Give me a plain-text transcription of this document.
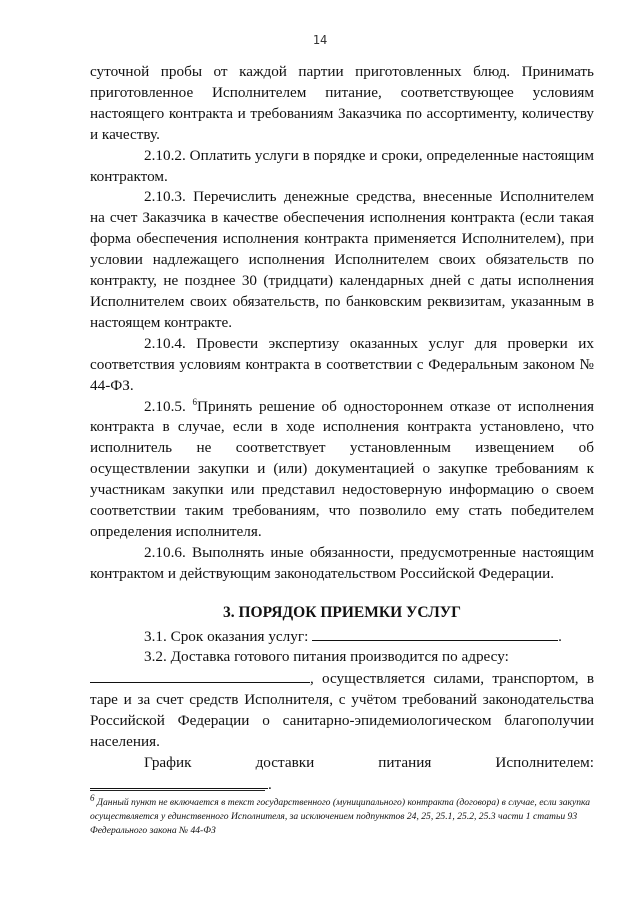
14

суточной пробы от каждой партии приготовленных блюд. Принимать приготовленное Исполнителем питание, соответствующее условиям настоящего контракта и требованиям Заказчика по ассортименту, количеству и качеству.

2.10.2. Оплатить услуги в порядке и сроки, определенные настоящим контрактом.

2.10.3. Перечислить денежные средства, внесенные Исполнителем на счет Заказчика в качестве обеспечения исполнения контракта (если такая форма обеспечения исполнения контракта применяется Исполнителем), при условии надлежащего исполнения Исполнителем своих обязательств по контракту, не позднее 30 (тридцати) календарных дней с даты исполнения Исполнителем своих обязательств, по банковским реквизитам, указанным в настоящем контракте.

2.10.4. Провести экспертизу оказанных услуг для проверки их соответствия условиям контракта в соответствии с Федеральным законом № 44-ФЗ.

2.10.5. $^6$Принять решение об одностороннем отказе от исполнения контракта в случае, если в ходе исполнения контракта установлено, что исполнитель не соответствует установленным извещением об осуществлении закупки и (или) документацией о закупке требованиям к участникам закупки или представил недостоверную информацию о своем соответствии таким требованиям, что позволило ему стать победителем определения исполнителя.

2.10.6. Выполнять иные обязанности, предусмотренные настоящим контрактом и действующим законодательством Российской Федерации.

3. ПОРЯДОК ПРИЕМКИ УСЛУГ

3.1. Срок оказания услуг:	.

3.2. Доставка готового питания производится по адресу:

, осуществляется силами, транспортом, в таре и за счет средств Исполнителя, с учётом требований законодательства Российской Федерации о санитарно-эпидемиологическом благополучии населения.

График	доставки	питания	Исполнителем:

.

6 Данный пункт не включается в текст государственного (муниципального) контракта (договора) в случае, если закупка осуществляется у единственного Исполнителя, за исключением подпунктов 24, 25, 25.1, 25.2, 25.3 части 1 статьи 93 Федерального закона № 44-ФЗ
